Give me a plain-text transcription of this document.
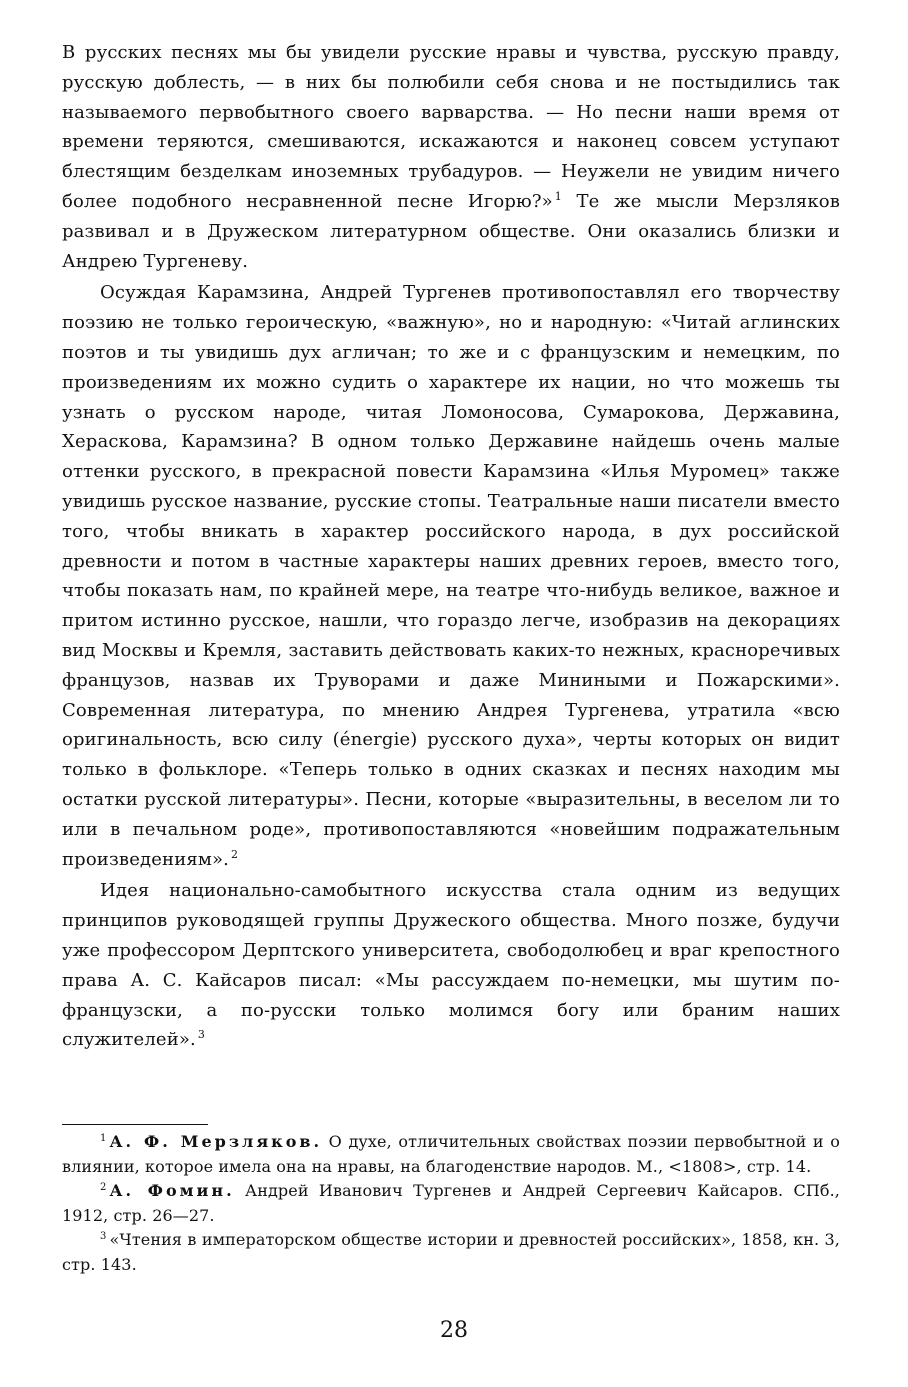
В русских песнях мы бы увидели русские нравы и чувства, русскую правду, русскую доблесть, — в них бы полюбили себя снова и не постыдились так называемого первобытного своего варварства. — Но песни наши время от времени теряются, смешиваются, искажаются и наконец совсем уступают блестящим безделкам иноземных трубадуров. — Неужели не увидим ничего более подобного несравненной песне Игорю?» $^1$ Те же мысли Мерзляков развивал и в Дружеском литературном обществе. Они оказались близки и Андрею Тургеневу.

Осуждая Карамзина, Андрей Тургенев противопоставлял его творчеству поэзию не только героическую, «важную», но и народную: «Читай аглинских поэтов и ты увидишь дух агличан; то же и с французским и немецким, по произведениям их можно судить о характере их нации, но что можешь ты узнать о русском народе, читая Ломоносова, Сумарокова, Державина, Хераскова, Карамзина? В одном только Державине найдешь очень малые оттенки русского, в прекрасной повести Карамзина «Илья Муромец» также увидишь русское название, русские стопы. Театральные наши писатели вместо того, чтобы вникать в характер российского народа, в дух российской древности и потом в частные характеры наших древних героев, вместо того, чтобы показать нам, по крайней мере, на театре что-нибудь великое, важное и притом истинно русское, нашли, что гораздо легче, изобразив на декорациях вид Москвы и Кремля, заставить действовать каких-то нежных, красноречивых французов, назвав их Труворами и даже Миниными и Пожарскими». Современная литература, по мнению Андрея Тургенева, утратила «всю оригинальность, всю силу (énergie) русского духа», черты которых он видит только в фольклоре. «Теперь только в одних сказках и песнях находим мы остатки русской литературы». Песни, которые «выразительны, в веселом ли то или в печальном роде», противопоставляются «новейшим подражательным произведениям». $^2$

Идея национально-самобытного искусства стала одним из ведущих принципов руководящей группы Дружеского общества. Много позже, будучи уже профессором Дерптского университета, свободолюбец и враг крепостного права А. С. Кайсаров писал: «Мы рассуждаем по-немецки, мы шутим по-французски, а по-русски только молимся богу или браним наших служителей». $^3$

$^1$ А. Ф. Мерзляков. О духе, отличительных свойствах поэзии первобытной и о влиянии, которое имела она на нравы, на благоденствие народов. М., <1808>, стр. 14.

$^2$ А. Фомин. Андрей Иванович Тургенев и Андрей Сергеевич Кайсаров. СПб., 1912, стр. 26—27.

$^3$ «Чтения в императорском обществе истории и древностей российских», 1858, кн. 3, стр. 143.

28
